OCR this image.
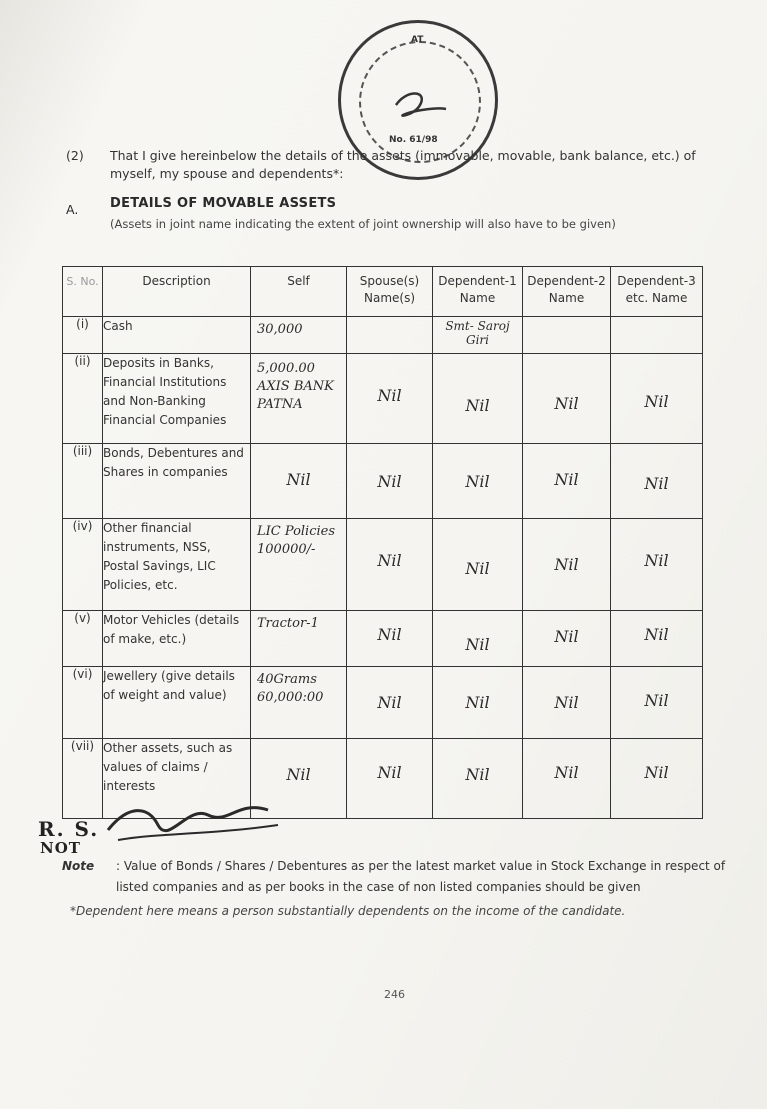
AT
No. 61/98
(2) That I give hereinbelow the details of the assets (immovable, movable, bank balance, etc.) of myself, my spouse and dependents*:
A. DETAILS OF MOVABLE ASSETS
(Assets in joint name indicating the extent of joint ownership will also have to be given)
S. No.	Description	Self	Spouse(s) Name(s)	Dependent-1 Name	Dependent-2 Name	Dependent-3 etc. Name
(i)	Cash	30,000		Smt- Saroj Giri		

(ii)	Deposits in Banks, Financial Institutions and Non-Banking Financial Companies	5,000.00 AXIS BANK PATNA	Nil	Nil	Nil	Nil

(iii)	Bonds, Debentures and Shares in companies	Nil	Nil	Nil	Nil	Nil

(iv)	Other financial instruments, NSS, Postal Savings, LIC Policies, etc.	LIC Policies 100000/-	Nil	Nil	Nil	Nil

(v)	Motor Vehicles (details of make, etc.)	Tractor-1	Nil	Nil	Nil	Nil

(vi)	Jewellery (give details of weight and value)	40Grams 60,000:00	Nil	Nil	Nil	Nil

(vii)	Other assets, such as values of claims / interests	Nil	Nil	Nil	Nil	Nil
R. S.
NOT
Note : Value of Bonds / Shares / Debentures as per the latest market value in Stock Exchange in respect of listed companies and as per books in the case of non listed companies should be given
*Dependent here means a person substantially dependents on the income of the candidate.
246
